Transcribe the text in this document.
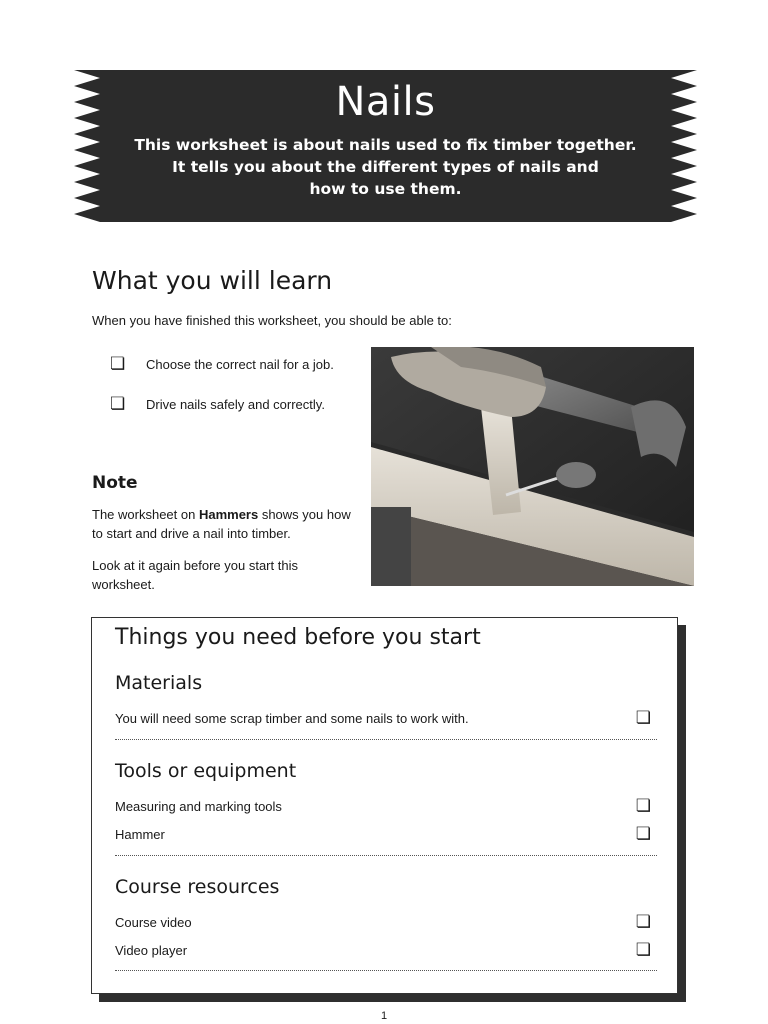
Nails
This worksheet is about nails used to fix timber together.
It tells you about the different types of nails and
how to use them.
What you will learn
When you have finished this worksheet, you should be able to:
❏	Choose the correct nail for a job.
❏	Drive nails safely and correctly.
Note

The worksheet on Hammers shows you how to start and drive a nail into timber.

Look at it again before you start this worksheet.

Things you need before you start
Materials
You will need some scrap timber and some nails to work with.	❏
Tools or equipment
Measuring and marking tools	❏
Hammer	❏
Course resources
Course video	❏
Video player	❏
1
